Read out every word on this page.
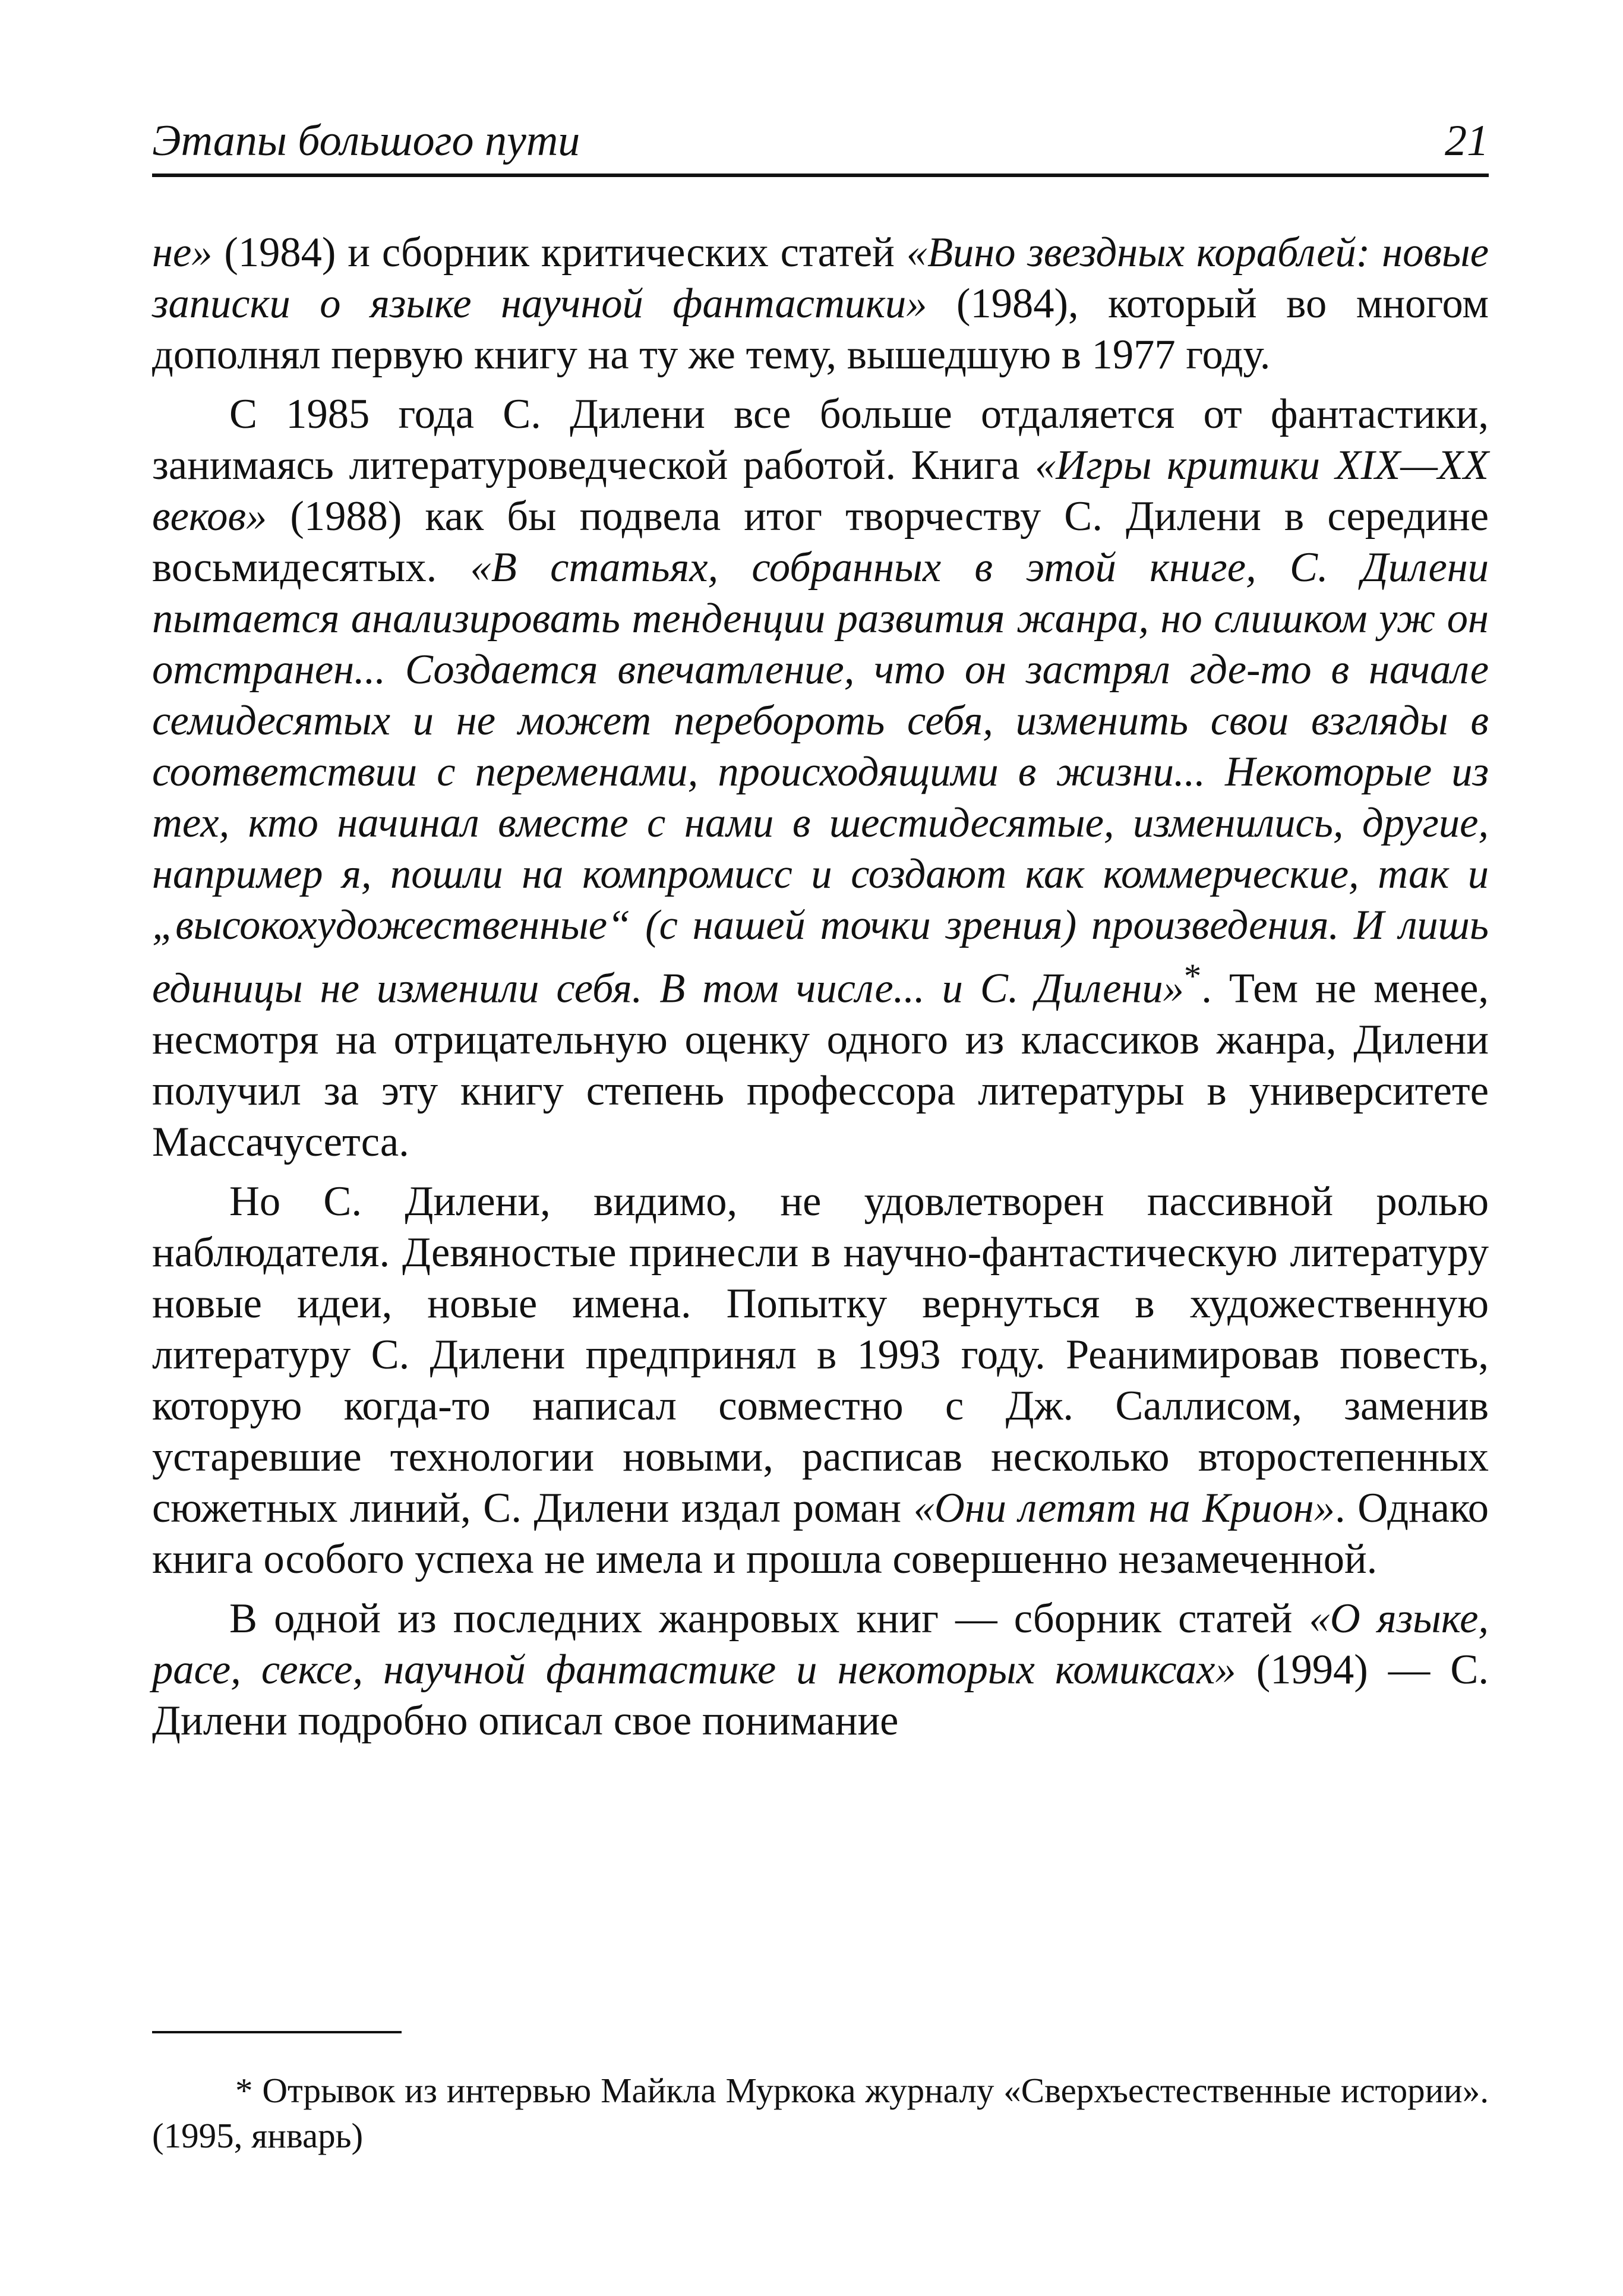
Этапы большого пути	21

не» (1984) и сборник критических статей «Вино звездных кораблей: новые записки о языке научной фантастики» (1984), который во многом дополнял первую книгу на ту же тему, вышедшую в 1977 году.

С 1985 года С. Дилени все больше отдаляется от фантастики, занимаясь литературоведческой работой. Книга «Игры критики XIX—XX веков» (1988) как бы подвела итог творчеству С. Дилени в середине восьмидесятых. «В статьях, собранных в этой книге, С. Дилени пытается анализировать тенденции развития жанра, но слишком уж он отстранен... Создается впечатление, что он застрял где-то в начале семидесятых и не может перебороть себя, изменить свои взгляды в соответствии с переменами, происходящими в жизни... Некоторые из тех, кто начинал вместе с нами в шестидесятые, изменились, другие, например я, пошли на компромисс и создают как коммерческие, так и „высокохудожественные“ (с нашей точки зрения) произведения. И лишь единицы не изменили себя. В том числе... и С. Дилени»*. Тем не менее, несмотря на отрицательную оценку одного из классиков жанра, Дилени получил за эту книгу степень профессора литературы в университете Массачусетса.

Но С. Дилени, видимо, не удовлетворен пассивной ролью наблюдателя. Девяностые принесли в научно-фантастическую литературу новые идеи, новые имена. Попытку вернуться в художественную литературу С. Дилени предпринял в 1993 году. Реанимировав повесть, которую когда-то написал совместно с Дж. Саллисом, заменив устаревшие технологии новыми, расписав несколько второстепенных сюжетных линий, С. Дилени издал роман «Они летят на Крион». Однако книга особого успеха не имела и прошла совершенно незамеченной.

В одной из последних жанровых книг — сборник статей «О языке, расе, сексе, научной фантастике и некоторых комиксах» (1994) — С. Дилени подробно описал свое понимание

* Отрывок из интервью Майкла Муркока журналу «Сверхъестественные истории». (1995, январь)
